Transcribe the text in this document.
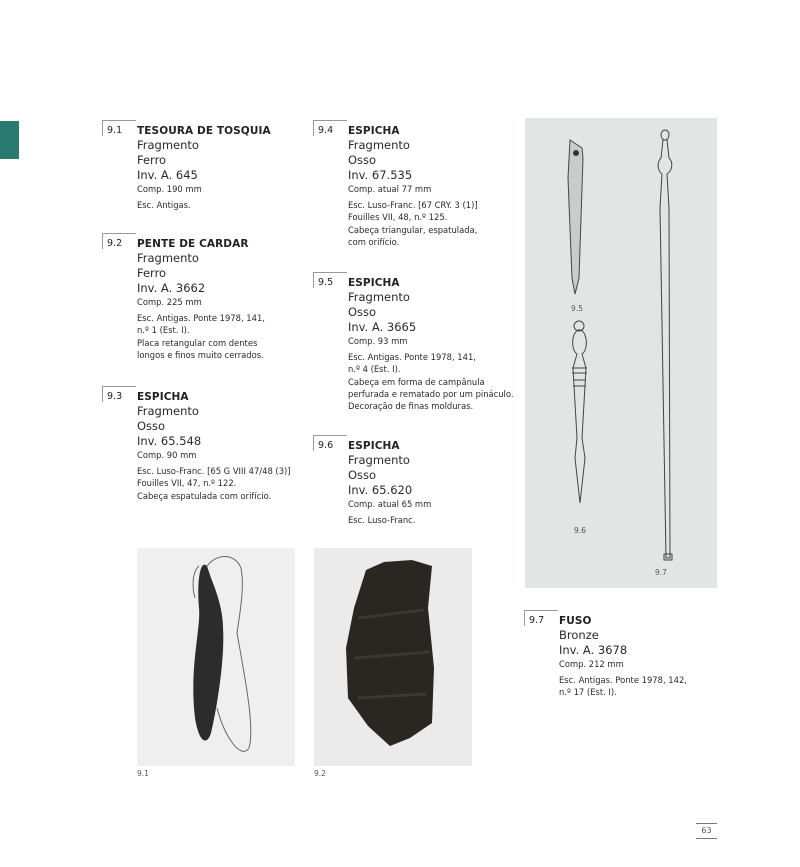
9.1	TESOURA DE TOSQUIA
Fragmento
Ferro
Inv. A. 645
Comp. 190 mm
Esc. Antigas.
9.2	PENTE DE CARDAR
Fragmento
Ferro
Inv. A. 3662
Comp. 225 mm
Esc. Antigas. Ponte 1978, 141,
n.º 1 (Est. I).
Placa retangular com dentes
longos e finos muito cerrados.
9.3	ESPICHA
Fragmento
Osso
Inv. 65.548
Comp. 90 mm
Esc. Luso-Franc. [65 G VIII 47/48 (3)]
Fouilles VII, 47, n.º 122.
Cabeça espatulada com orifício.
9.4	ESPICHA
Fragmento
Osso
Inv. 67.535
Comp. atual 77 mm
Esc. Luso-Franc. [67 CRY. 3 (1)]
Fouilles VII, 48, n.º 125.
Cabeça triangular, espatulada,
com orifício.
9.5	ESPICHA
Fragmento
Osso
Inv. A. 3665
Comp. 93 mm
Esc. Antigas. Ponte 1978, 141,
n.º 4 (Est. I).
Cabeça em forma de campânula
perfurada e rematado por um pináculo.
Decoração de finas molduras.
9.6	ESPICHA
Fragmento
Osso
Inv. 65.620
Comp. atual 65 mm
Esc. Luso-Franc.
9.7	FUSO
Bronze
Inv. A. 3678
Comp. 212 mm
Esc. Antigas. Ponte 1978, 142,
n.º 17 (Est. I).
9.1	9.2
9.5
9.6
9.7
63
